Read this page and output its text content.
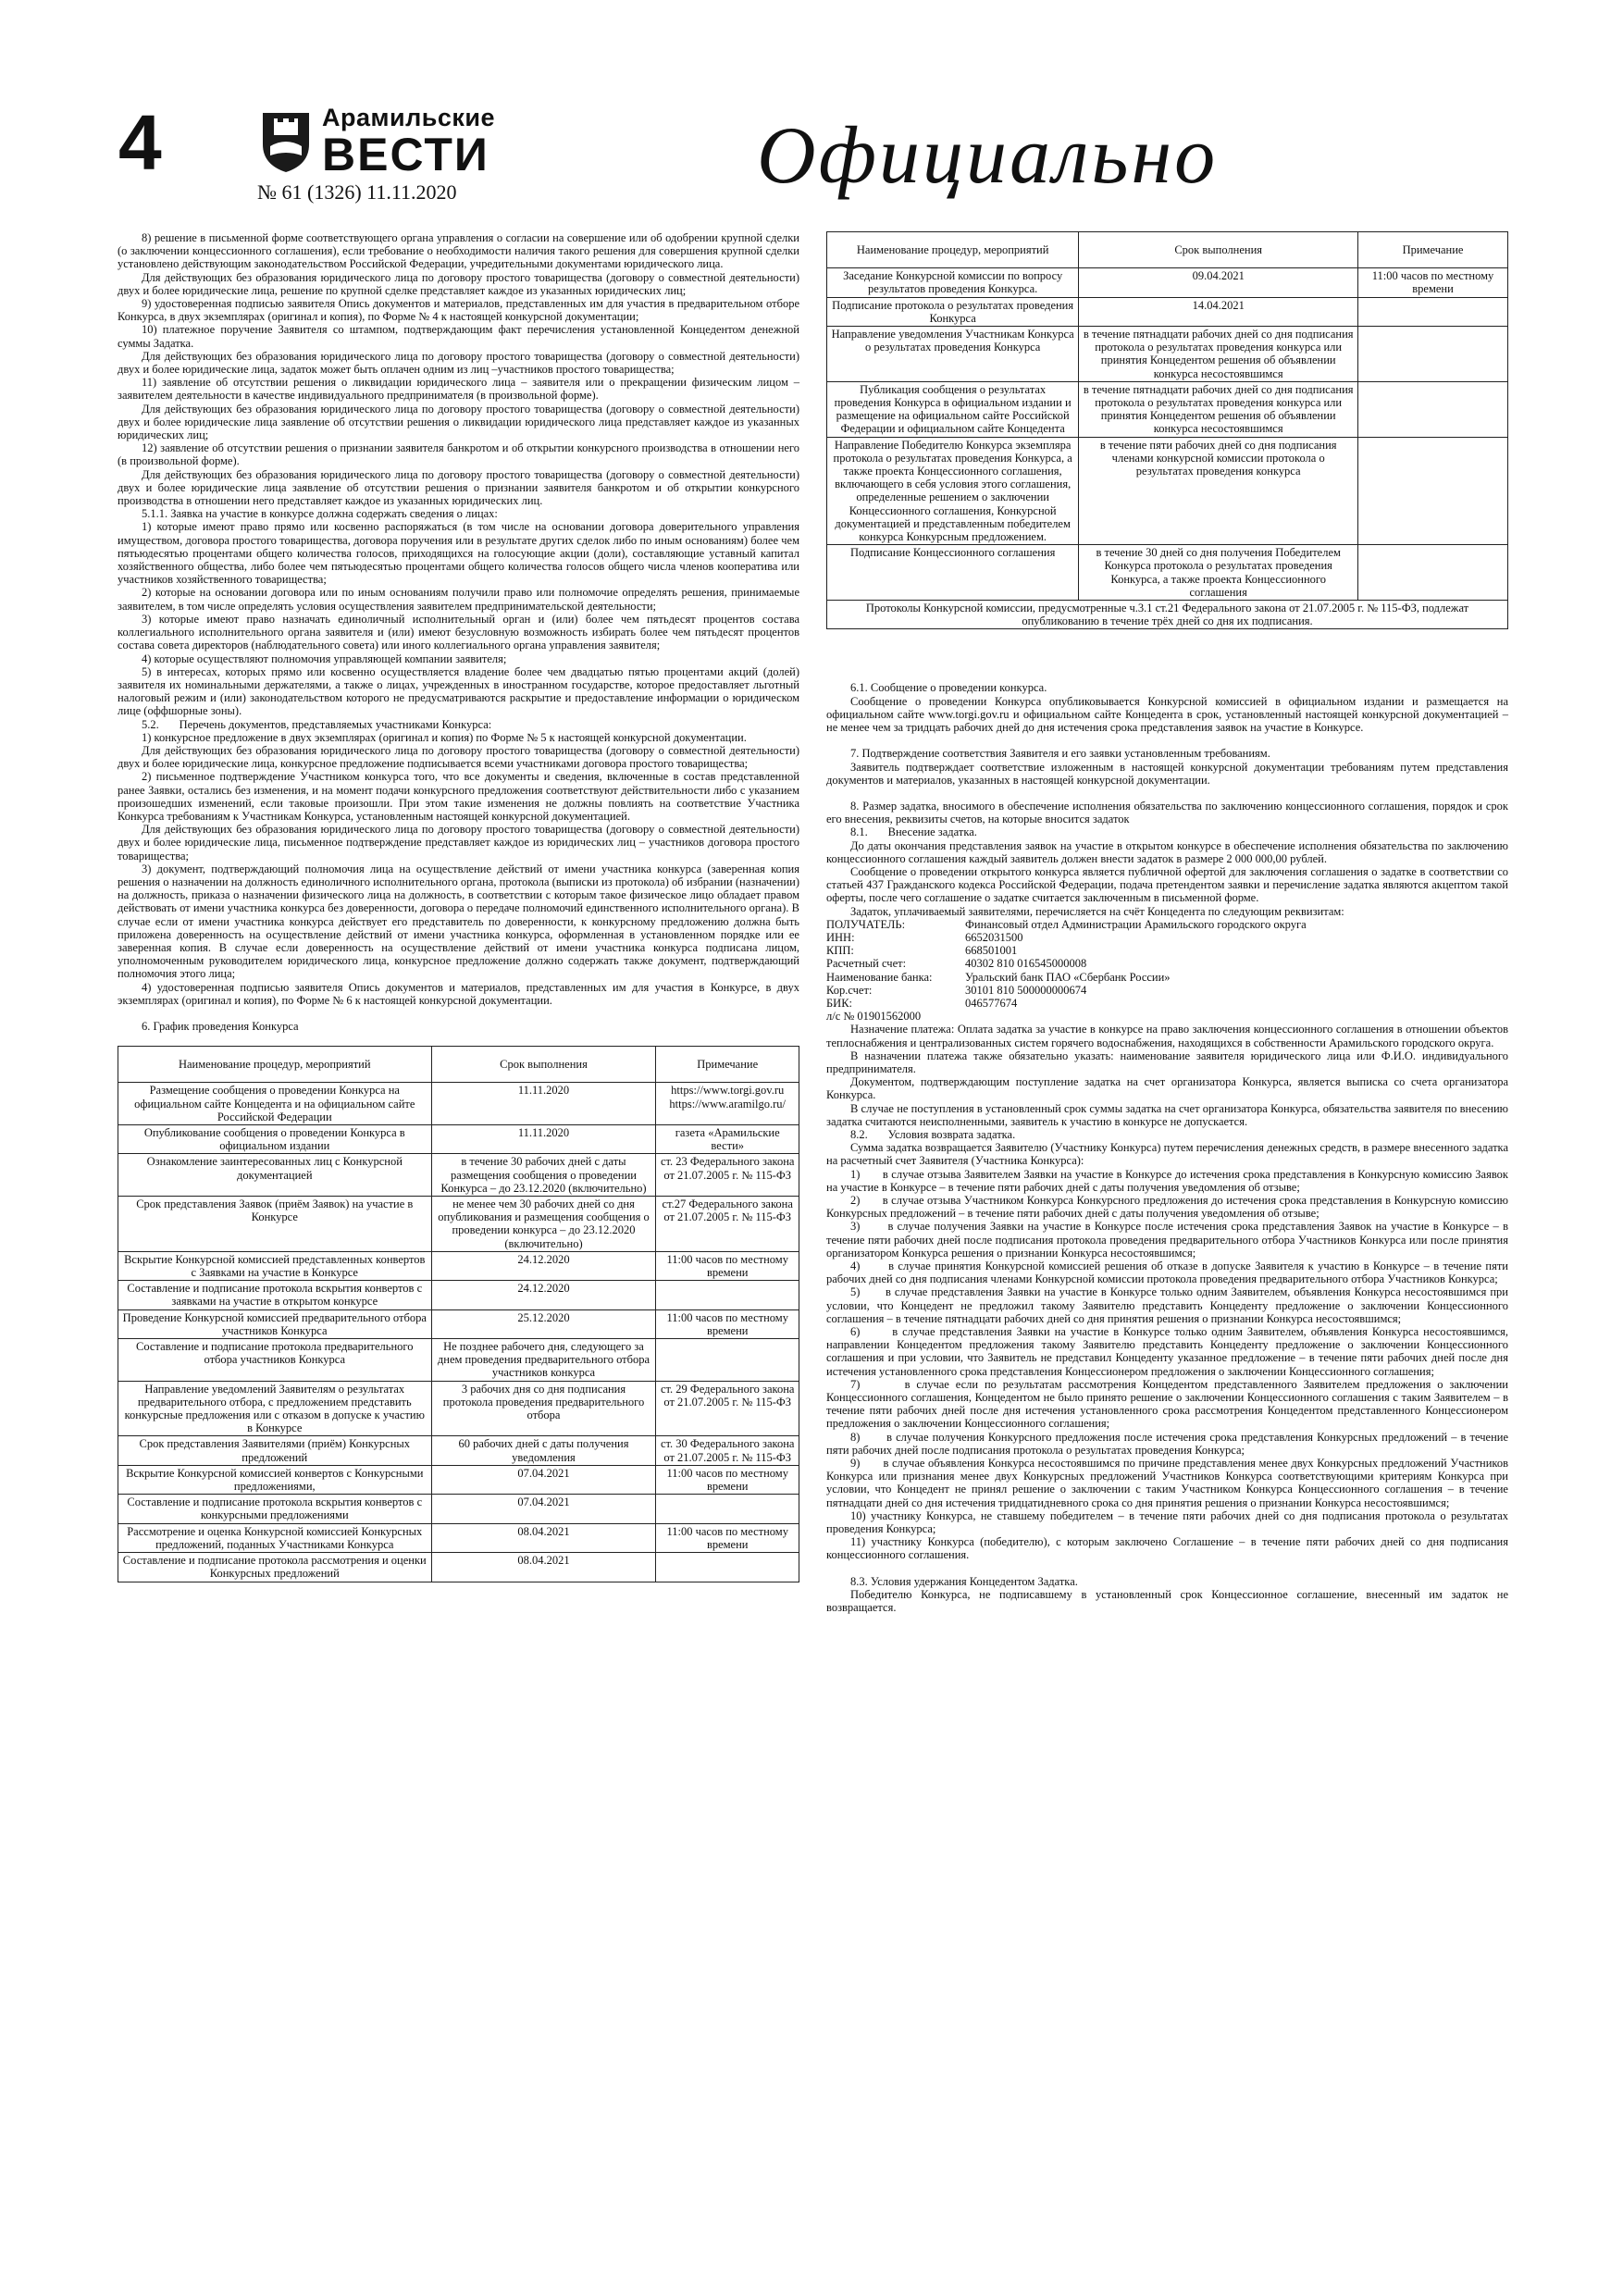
4	Арамильские
ВЕСТИ
№ 61 (1326) 11.11.2020	Официально

8) решение в письменной форме соответствующего органа управления о согласии на совершение или об одобрении крупной сделки (о заключении концессионного соглашения), если требование о необходимости наличия такого решения для совершения крупной сделки установлено действующим законодательством Российской Федерации, учредительными документами юридического лица.

Для действующих без образования юридического лица по договору простого товарищества (договору о совместной деятельности) двух и более юридические лица, решение по крупной сделке представляет каждое из указанных юридических лиц;

9) удостоверенная подписью заявителя Опись документов и материалов, представленных им для участия в предварительном отборе Конкурса, в двух экземплярах (оригинал и копия), по Форме № 4 к настоящей конкурсной документации;

10) платежное поручение Заявителя со штампом, подтверждающим факт перечисления установленной Концедентом денежной суммы Задатка.

Для действующих без образования юридического лица по договору простого товарищества (договору о совместной деятельности) двух и более юридические лица, задаток может быть оплачен одним из лиц –участников простого товарищества;

11) заявление об отсутствии решения о ликвидации юридического лица – заявителя или о прекращении физическим лицом – заявителем деятельности в качестве индивидуального предпринимателя (в произвольной форме).

Для действующих без образования юридического лица по договору простого товарищества (договору о совместной деятельности) двух и более юридические лица заявление об отсутствии решения о ликвидации юридического лица представляет каждое из указанных юридических лиц;

12) заявление об отсутствии решения о признании заявителя банкротом и об открытии конкурсного производства в отношении него (в произвольной форме).

Для действующих без образования юридического лица по договору простого товарищества (договору о совместной деятельности) двух и более юридические лица заявление об отсутствии решения о признании заявителя банкротом и об открытии конкурсного производства в отношении него представляет каждое из указанных юридических лиц.

5.1.1. Заявка на участие в конкурсе должна содержать сведения о лицах:

1) которые имеют право прямо или косвенно распоряжаться (в том числе на основании договора доверительного управления имуществом, договора простого товарищества, договора поручения или в результате других сделок либо по иным основаниям) более чем пятьюдесятью процентами общего количества голосов, приходящихся на голосующие акции (доли), составляющие уставный капитал хозяйственного общества, либо более чем пятьюдесятью процентами общего количества голосов общего числа членов кооператива или участников хозяйственного товарищества;

2) которые на основании договора или по иным основаниям получили право или полномочие определять решения, принимаемые заявителем, в том числе определять условия осуществления заявителем предпринимательской деятельности;

3) которые имеют право назначать единоличный исполнительный орган и (или) более чем пятьдесят процентов состава коллегиального исполнительного органа заявителя и (или) имеют безусловную возможность избирать более чем пятьдесят процентов состава совета директоров (наблюдательного совета) или иного коллегиального органа управления заявителя;

4) которые осуществляют полномочия управляющей компании заявителя;

5) в интересах, которых прямо или косвенно осуществляется владение более чем двадцатью пятью процентами акций (долей) заявителя их номинальными держателями, а также о лицах, учрежденных в иностранном государстве, которое предоставляет льготный налоговый режим и (или) законодательством которого не предусматриваются раскрытие и предоставление информации о юридическом лице (оффшорные зоны).

5.2.       Перечень документов, представляемых участниками Конкурса:

1) конкурсное предложение в двух экземплярах (оригинал и копия) по Форме № 5 к настоящей конкурсной документации.

Для действующих без образования юридического лица по договору простого товарищества (договору о совместной деятельности) двух и более юридические лица, конкурсное предложение подписывается всеми участниками договора простого товарищества;

2) письменное подтверждение Участником конкурса того, что все документы и сведения, включенные в состав представленной ранее Заявки, остались без изменения, и на момент подачи конкурсного предложения соответствуют действительности либо с указанием произошедших изменений, если таковые произошли. При этом такие изменения не должны повлиять на соответствие Участника Конкурса требованиям к Участникам Конкурса, установленным настоящей конкурсной документацией.

Для действующих без образования юридического лица по договору простого товарищества (договору о совместной деятельности) двух и более юридические лица, письменное подтверждение представляет каждое из юридических лиц – участников договора простого товарищества;

3) документ, подтверждающий полномочия лица на осуществление действий от имени участника конкурса (заверенная копия решения о назначении на должность единоличного исполнительного органа, протокола (выписки из протокола) об избрании (назначении) на должность, приказа о назначении физического лица на должность, в соответствии с которым такое физическое лицо обладает правом действовать от имени участника конкурса без доверенности, договора о передаче полномочий единственного исполнительного органа). В случае если от имени участника конкурса действует его представитель по доверенности, к конкурсному предложению должна быть приложена доверенность на осуществление действий от имени участника конкурса, оформленная в установленном порядке или ее заверенная копия. В случае если доверенность на осуществление действий от имени участника конкурса подписана лицом, уполномоченным руководителем юридического лица, конкурсное предложение должно содержать также документ, подтверждающий полномочия этого лица;

4) удостоверенная подписью заявителя Опись документов и материалов, представленных им для участия в Конкурсе, в двух экземплярах (оригинал и копия), по Форме № 6 к настоящей конкурсной документации.

6. График проведения Конкурса

Наименование процедур, мероприятий	Срок выполнения	Примечание
Размещение сообщения о проведении Конкурса на официальном сайте Концедента и на официальном сайте Российской Федерации	11.11.2020	https://www.torgi.gov.ru https://www.aramilgo.ru/
Опубликование сообщения о проведении Конкурса в официальном издании	11.11.2020	газета «Арамильские вести»
Ознакомление заинтересованных лиц с Конкурсной документацией	в течение 30 рабочих дней с даты размещения сообщения о проведении Конкурса – до 23.12.2020 (включительно)	ст. 23 Федерального закона от 21.07.2005 г. № 115-ФЗ
Срок представления Заявок (приём Заявок) на участие в Конкурсе	не менее чем 30 рабочих дней со дня опубликования и размещения сообщения о проведении конкурса – до 23.12.2020 (включительно)	ст.27 Федерального закона от 21.07.2005 г. № 115-ФЗ
Вскрытие Конкурсной комиссией представленных конвертов с Заявками на участие в Конкурсе	24.12.2020	11:00 часов по местному времени
Составление и подписание протокола вскрытия конвертов с заявками на участие в открытом конкурсе	24.12.2020	
Проведение Конкурсной комиссией предварительного отбора участников Конкурса	25.12.2020	11:00 часов по местному времени
Составление и подписание протокола предварительного отбора участников Конкурса	Не позднее рабочего дня, следующего за днем проведения предварительного отбора участников конкурса	
Направление уведомлений Заявителям о результатах предварительного отбора, с предложением представить конкурсные предложения или с отказом в допуске к участию в Конкурсе	3 рабочих дня со дня подписания протокола проведения предварительного отбора	ст. 29 Федерального закона от 21.07.2005 г. № 115-ФЗ
Срок представления Заявителями (приём) Конкурсных предложений	60 рабочих дней с даты получения уведомления	ст. 30 Федерального закона от 21.07.2005 г. № 115-ФЗ
Вскрытие Конкурсной комиссией конвертов с Конкурсными предложениями,	07.04.2021	11:00 часов по местному времени
Составление и подписание протокола вскрытия конвертов с конкурсными предложениями	07.04.2021	
Рассмотрение и оценка Конкурсной комиссией Конкурсных предложений, поданных Участниками Конкурса	08.04.2021	11:00 часов по местному времени
Составление и подписание протокола рассмотрения и оценки Конкурсных предложений	08.04.2021	
Наименование процедур, мероприятий	Срок выполнения	Примечание
Заседание Конкурсной комиссии по вопросу результатов проведения Конкурса.	09.04.2021	11:00 часов по местному времени
Подписание протокола о результатах проведения Конкурса	14.04.2021	
Направление уведомления Участникам Конкурса о результатах проведения Конкурса	в течение пятнадцати рабочих дней со дня подписания протокола о результатах проведения конкурса или принятия Концедентом решения об объявлении конкурса несостоявшимся	
Публикация сообщения о результатах проведения Конкурса в официальном издании и размещение на официальном сайте Российской Федерации и официальном сайте Концедента	в течение пятнадцати рабочих дней со дня подписания протокола о результатах проведения конкурса или принятия Концедентом решения об объявлении конкурса несостоявшимся	
Направление Победителю Конкурса экземпляра протокола о результатах проведения Конкурса, а также проекта Концессионного соглашения, включающего в себя условия этого соглашения, определенные решением о заключении Концессионного соглашения, Конкурсной документацией и представленным победителем конкурса Конкурсным предложением.	в течение пяти рабочих дней со дня подписания членами конкурсной комиссии протокола о результатах проведения конкурса	
Подписание Концессионного соглашения	в течение 30 дней со дня получения Победителем Конкурса протокола о результатах проведения Конкурса, а также проекта Концессионного соглашения	
Протоколы Конкурсной комиссии, предусмотренные ч.3.1 ст.21 Федерального закона от 21.07.2005 г. № 115-ФЗ, подлежат опубликованию в течение трёх дней со дня их подписания.		

6.1. Сообщение о проведении конкурса.

Сообщение о проведении Конкурса опубликовывается Конкурсной комиссией в официальном издании и размещается на официальном сайте www.torgi.gov.ru и официальном сайте Концедента в срок, установленный настоящей конкурсной документацией – не менее чем за тридцать рабочих дней до дня истечения срока представления заявок на участие в Конкурсе.

7. Подтверждение соответствия Заявителя и его заявки установленным требованиям.

Заявитель подтверждает соответствие изложенным в настоящей конкурсной документации требованиям путем представления документов и материалов, указанных в настоящей конкурсной документации.

8. Размер задатка, вносимого в обеспечение исполнения обязательства по заключению концессионного соглашения, порядок и срок его внесения, реквизиты счетов, на которые вносится задаток

8.1.       Внесение задатка.

До даты окончания представления заявок на участие в открытом конкурсе в обеспечение исполнения обязательства по заключению концессионного соглашения каждый заявитель должен внести задаток в размере 2 000 000,00 рублей.

Сообщение о проведении открытого конкурса является публичной офертой для заключения соглашения о задатке в соответствии со статьей 437 Гражданского кодекса Российской Федерации, подача претендентом заявки и перечисление задатка являются акцептом такой оферты, после чего соглашение о задатке считается заключенным в письменной форме.

Задаток, уплачиваемый заявителями, перечисляется на счёт Концедента по следующим реквизитам:

ПОЛУЧАТЕЛЬ:	Финансовый отдел Администрации Арамильского городского округа
ИНН:	6652031500
КПП:	668501001
Расчетный счет:	40302 810 016545000008
Наименование банка:	Уральский банк ПАО «Сбербанк России»
Кор.счет:	30101 810 500000000674
БИК:	046577674

л/с № 01901562000

Назначение платежа: Оплата задатка за участие в конкурсе на право заключения концессионного соглашения в отношении объектов теплоснабжения и централизованных систем горячего водоснабжения, находящихся в собственности Арамильского городского округа.

В назначении платежа также обязательно указать: наименование заявителя юридического лица или Ф.И.О. индивидуального предпринимателя.

Документом, подтверждающим поступление задатка на счет организатора Конкурса, является выписка со счета организатора Конкурса.

В случае не поступления в установленный срок суммы задатка на счет организатора Конкурса, обязательства заявителя по внесению задатка считаются неисполненными, заявитель к участию в конкурсе не допускается.

8.2.       Условия возврата задатка.

Сумма задатка возвращается Заявителю (Участнику Конкурса) путем перечисления денежных средств, в размере внесенного задатка на расчетный счет Заявителя (Участника Конкурса):

1)       в случае отзыва Заявителем Заявки на участие в Конкурсе до истечения срока представления в Конкурсную комиссию Заявок на участие в Конкурсе – в течение пяти рабочих дней с даты получения уведомления об отзыве;

2)       в случае отзыва Участником Конкурса Конкурсного предложения до истечения срока представления в Конкурсную комиссию Конкурсных предложений – в течение пяти рабочих дней с даты получения уведомления об отзыве;

3)       в случае получения Заявки на участие в Конкурсе после истечения срока представления Заявок на участие в Конкурсе – в течение пяти рабочих дней после подписания протокола проведения предварительного отбора Участников Конкурса или после принятия организатором Конкурса решения о признании Конкурса несостоявшимся;

4)       в случае принятия Конкурсной комиссией решения об отказе в допуске Заявителя к участию в Конкурсе – в течение пяти рабочих дней со дня подписания членами Конкурсной комиссии протокола проведения предварительного отбора Участников Конкурса;

5)       в случае представления Заявки на участие в Конкурсе только одним Заявителем, объявления Конкурса несостоявшимся при условии, что Концедент не предложил такому Заявителю представить Концеденту предложение о заключении Концессионного соглашения – в течение пятнадцати рабочих дней со дня принятия решения о признании Конкурса несостоявшимся;

6)       в случае представления Заявки на участие в Конкурсе только одним Заявителем, объявления Конкурса несостоявшимся, направлении Концедентом предложения такому Заявителю представить Концеденту предложение о заключении Концессионного соглашения и при условии, что Заявитель не представил Концеденту указанное предложение – в течение пяти рабочих дней после дня истечения установленного срока представления Концессионером предложения о заключении Концессионного соглашения;

7)       в случае если по результатам рассмотрения Концедентом представленного Заявителем предложения о заключении Концессионного соглашения, Концедентом не было принято решение о заключении Концессионного соглашения с таким Заявителем – в течение пяти рабочих дней после дня истечения установленного срока рассмотрения Концедентом представленного Концессионером предложения о заключении Концессионного соглашения;

8)       в случае получения Конкурсного предложения после истечения срока представления Конкурсных предложений – в течение пяти рабочих дней после подписания протокола о результатах проведения Конкурса;

9)       в случае объявления Конкурса несостоявшимся по причине представления менее двух Конкурсных предложений Участников Конкурса или признания менее двух Конкурсных предложений Участников Конкурса соответствующими критериям Конкурса при условии, что Концедент не принял решение о заключении с таким Участником Конкурса Концессионного соглашения – в течение пятнадцати дней со дня истечения тридцатидневного срока со дня принятия решения о признании Конкурса несостоявшимся;

10) участнику Конкурса, не ставшему победителем – в течение пяти рабочих дней со дня подписания протокола о результатах проведения Конкурса;

11) участнику Конкурса (победителю), с которым заключено Соглашение – в течение пяти рабочих дней со дня подписания концессионного соглашения.

8.3. Условия удержания Концедентом Задатка.

Победителю Конкурса, не подписавшему в установленный срок Концессионное соглашение, внесенный им задаток не возвращается.
